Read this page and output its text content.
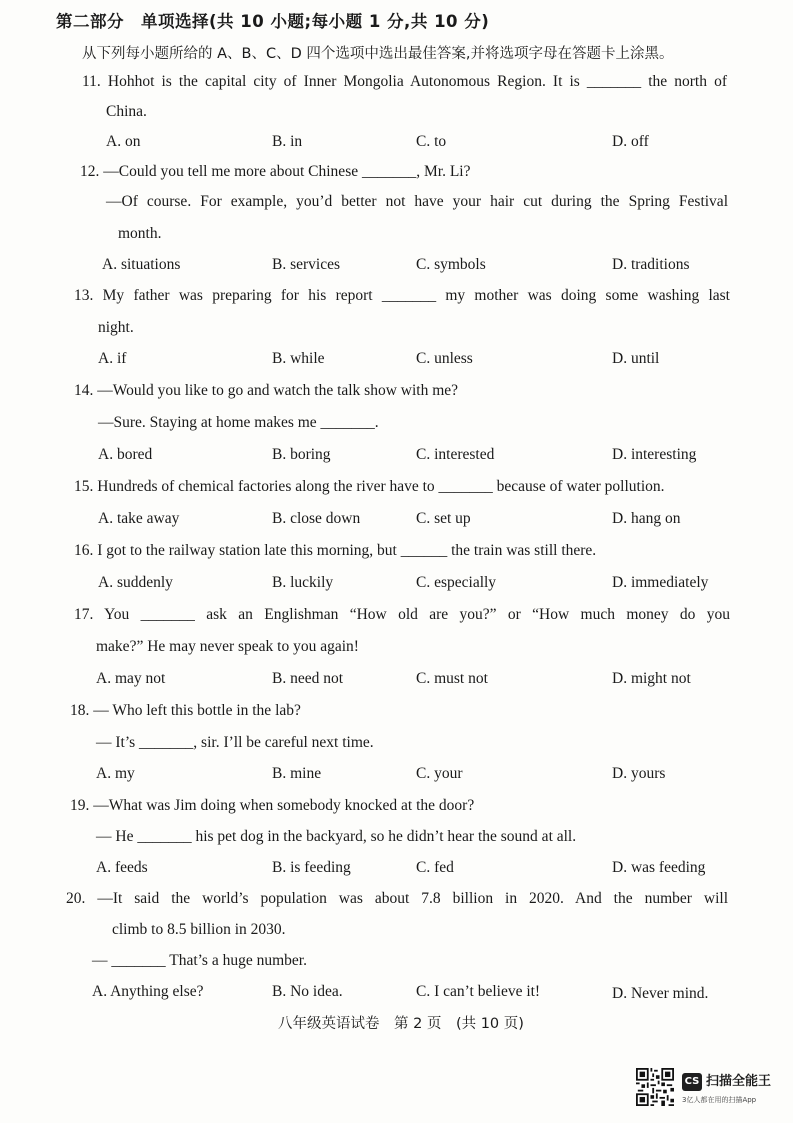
第二部分　单项选择(共 10 小题;每小题 1 分,共 10 分)
从下列每小题所给的 A、B、C、D 四个选项中选出最佳答案,并将选项字母在答题卡上涂黑。
11. Hohhot is the capital city of Inner Mongolia Autonomous Region. It is _______ the north of
China.
A. on	B. in	C. to	D. off
12. —Could you tell me more about Chinese _______, Mr. Li?
—Of course. For example, you’d better not have your hair cut during the Spring Festival
month.
A. situations	B. services	C. symbols	D. traditions
13. My father was preparing for his report _______ my mother was doing some washing last
night.
A. if	B. while	C. unless	D. until
14. —Would you like to go and watch the talk show with me?
—Sure. Staying at home makes me _______.
A. bored	B. boring	C. interested	D. interesting
15. Hundreds of chemical factories along the river have to _______ because of water pollution.
A. take away	B. close down	C. set up	D. hang on
16. I got to the railway station late this morning, but ______ the train was still there.
A. suddenly	B. luckily	C. especially	D. immediately
17. You _______ ask an Englishman “How old are you?” or “How much money do you
make?” He may never speak to you again!
A. may not	B. need not	C. must not	D. might not
18. — Who left this bottle in the lab?
— It’s _______, sir. I’ll be careful next time.
A. my	B. mine	C. your	D. yours
19. —What was Jim doing when somebody knocked at the door?
— He _______ his pet dog in the backyard, so he didn’t hear the sound at all.
A. feeds	B. is feeding	C. fed	D. was feeding
20. —It said the world’s population was about 7.8 billion in 2020. And the number will
climb to 8.5 billion in 2030.
— _______ That’s a huge number.
A. Anything else?	B. No idea.	C. I can’t believe it!	D. Never mind.
八年级英语试卷　第 2 页　(共 10 页)
CS 扫描全能王
3亿人都在用的扫描App
